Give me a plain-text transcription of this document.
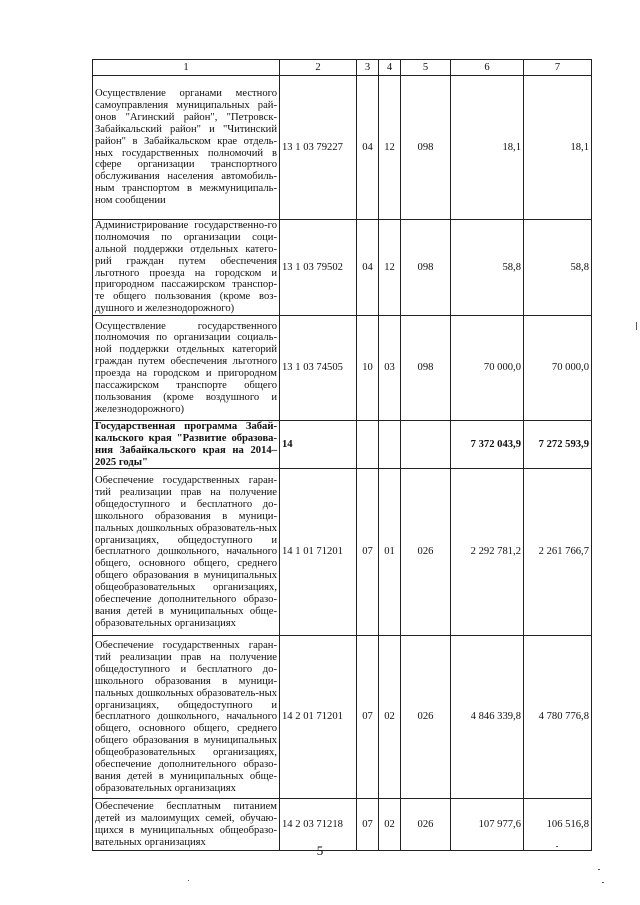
1	2	3	4	5	6	7
Осуществление органами местного самоуправления муниципальных рай-онов "Агинский район", "Петровск-Забайкальский район" и "Читинский район" в Забайкальском крае отдель-ных государственных полномочий в сфере организации транспортного обслуживания населения автомобиль-ным транспортом в межмуниципаль-ном сообщении	13 1 03 79227	04	12	098	18,1	18,1
Администрирование государственно-го полномочия по организации соци-альной поддержки отдельных катего-рий граждан путем обеспечения льготного проезда на городском и пригородном пассажирском транспор-те общего пользования (кроме воз-душного и железнодорожного)	13 1 03 79502	04	12	098	58,8	58,8
Осуществление государственного полномочия по организации социаль-ной поддержки отдельных категорий граждан путем обеспечения льготного проезда на городском и пригородном пассажирском транспорте общего пользования (кроме воздушного и железнодорожного)	13 1 03 74505	10	03	098	70 000,0	70 000,0
Государственная программа Забай-кальского края "Развитие образова-ния Забайкальского края на 2014–2025 годы"	14				7 372 043,9	7 272 593,9
Обеспечение государственных гаран-тий реализации прав на получение общедоступного и бесплатного до-школьного образования в муници-пальных дошкольных образователь-ных организациях, общедоступного и бесплатного дошкольного, начального общего, основного общего, среднего общего образования в муниципальных общеобразовательных организациях, обеспечение дополнительного образо-вания детей в муниципальных обще-образовательных организациях	14 1 01 71201	07	01	026	2 292 781,2	2 261 766,7
Обеспечение государственных гаран-тий реализации прав на получение общедоступного и бесплатного до-школьного образования в муници-пальных дошкольных образователь-ных организациях, общедоступного и бесплатного дошкольного, начального общего, основного общего, среднего общего образования в муниципальных общеобразовательных организациях, обеспечение дополнительного образо-вания детей в муниципальных обще-образовательных организациях	14 2 01 71201	07	02	026	4 846 339,8	4 780 776,8
Обеспечение бесплатным питанием детей из малоимущих семей, обучаю-щихся в муниципальных общеобразо-вательных организациях	14 2 03 71218	07	02	026	107 977,6	106 516,8
5
